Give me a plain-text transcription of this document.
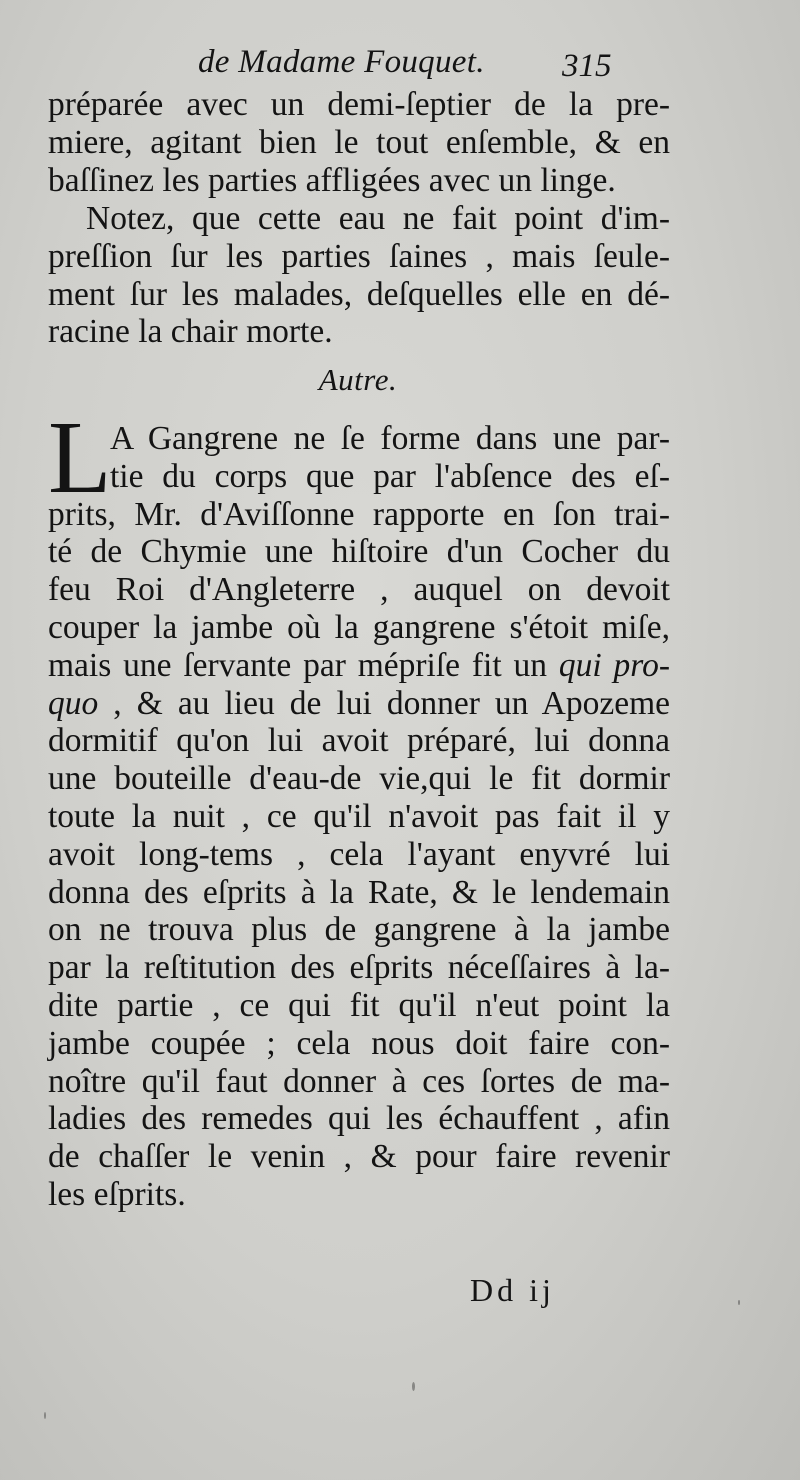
de Madame Fouquet. 315
préparée avec un demi-ſeptier de la pre-
miere, agitant bien le tout enſemble, & en
baſſinez les parties affligées avec un linge.
Notez, que cette eau ne fait point d'im-
preſſion ſur les parties ſaines , mais ſeule-
ment ſur les malades, deſquelles elle en dé-
racine la chair morte.
Autre.
L
A Gangrene ne ſe forme dans une par-
tie du corps que par l'abſence des eſ-
prits, Mr. d'Aviſſonne rapporte en ſon trai-
té de Chymie une hiſtoire d'un Cocher du
feu Roi d'Angleterre , auquel on devoit
couper la jambe où la gangrene s'étoit miſe,
mais une ſervante par mépriſe fit un qui pro-
quo , & au lieu de lui donner un Apozeme
dormitif qu'on lui avoit préparé, lui donna
une bouteille d'eau-de vie,qui le fit dormir
toute la nuit , ce qu'il n'avoit pas fait il y
avoit long-tems , cela l'ayant enyvré lui
donna des eſprits à la Rate, & le lendemain
on ne trouva plus de gangrene à la jambe
par la reſtitution des eſprits néceſſaires à la-
dite partie , ce qui fit qu'il n'eut point la
jambe coupée ; cela nous doit faire con-
noître qu'il faut donner à ces ſortes de ma-
ladies des remedes qui les échauffent , afin
de chaſſer le venin , & pour faire revenir
les eſprits.
Dd ij
